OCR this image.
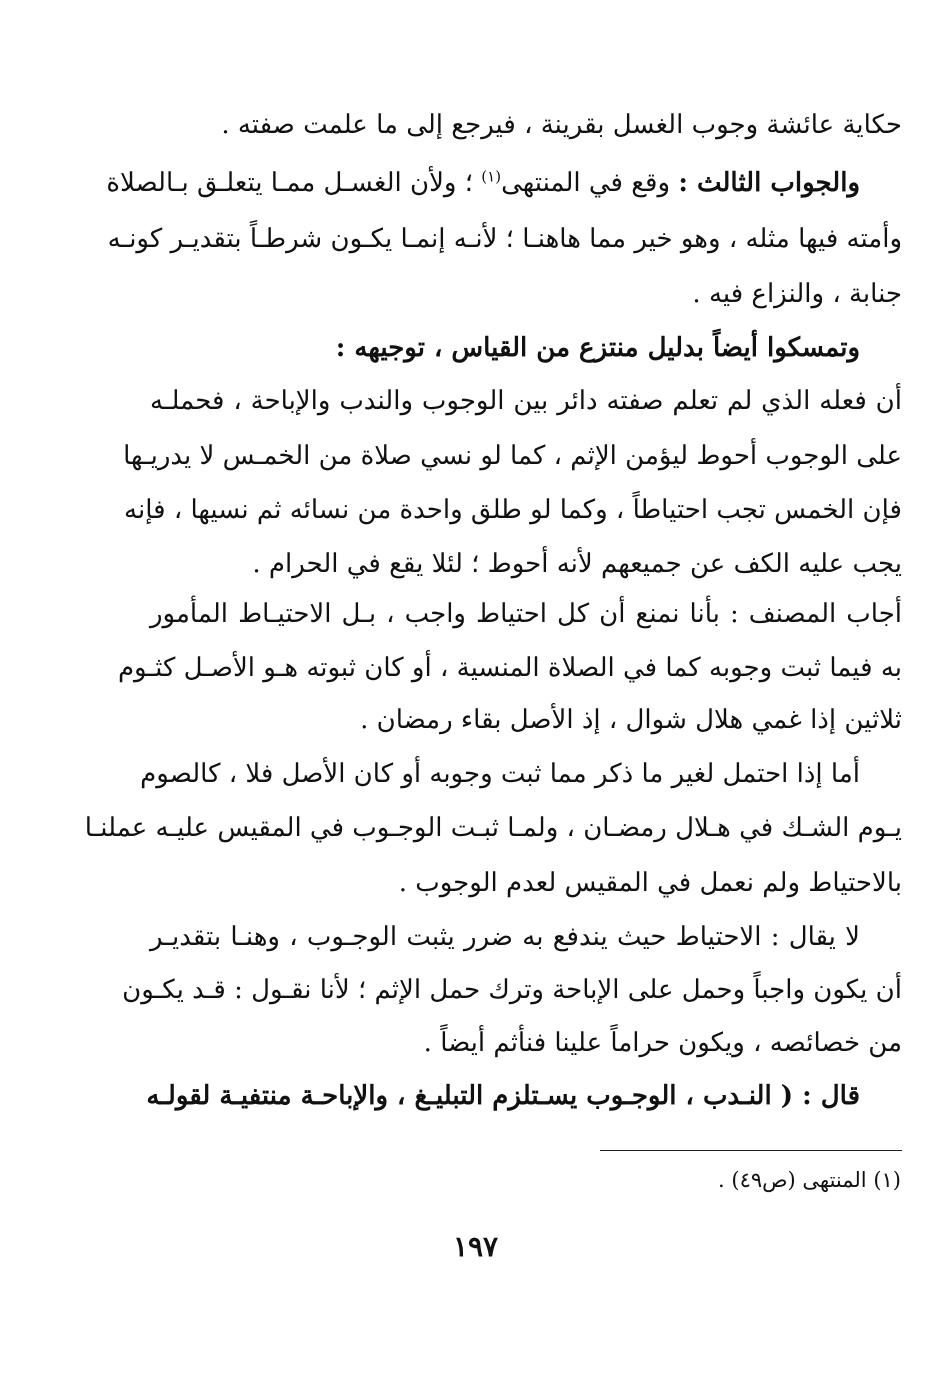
حكاية عائشة وجوب الغسل بقرينة ، فيرجع إلى ما علمت صفته .
والجواب الثالث : وقع في المنتهى$^{(١)}$ ؛ ولأن الغسـل ممـا يتعلـق بـالصلاة
وأمته فيها مثله ، وهو خير مما هاهنـا ؛ لأنـه إنمـا يكـون شرطـاً بتقديـر كونـه
جنابة ، والنزاع فيه .
وتمسكوا أيضاً بدليل منتزع من القياس ، توجيهه :
أن فعله الذي لم تعلم صفته دائر بين الوجوب والندب والإباحة ، فحملـه
على الوجوب أحوط ليؤمن الإثم ، كما لو نسي صلاة من الخمـس لا يدريـها
فإن الخمس تجب احتياطاً ، وكما لو طلق واحدة من نسائه ثم نسيها ، فإنه
يجب عليه الكف عن جميعهم لأنه أحوط ؛ لئلا يقع في الحرام .
أجاب المصنف : بأنا نمنع أن كل احتياط واجب ، بـل الاحتيـاط المأمور
به فيما ثبت وجوبه كما في الصلاة المنسية ، أو كان ثبوته هـو الأصـل كثـوم
ثلاثين إذا غمي هلال شوال ، إذ الأصل بقاء رمضان .
أما إذا احتمل لغير ما ذكر مما ثبت وجوبه أو كان الأصل فلا ، كالصوم
يـوم الشـك في هـلال رمضـان ، ولمـا ثبـت الوجـوب في المقيس عليـه عملنـا
بالاحتياط ولم نعمل في المقيس لعدم الوجوب .
لا يقال : الاحتياط حيث يندفع به ضرر يثبت الوجـوب ، وهنـا بتقديـر
أن يكون واجباً وحمل على الإباحة وترك حمل الإثم ؛ لأنا نقـول : قـد يكـون
من خصائصه ، ويكون حراماً علينا فنأثم أيضاً .
قال : ( النـدب ، الوجـوب يسـتلزم التبليـغ ، والإباحـة منتفيـة لقولـه
(١) المنتهى (ص٤٩) .
١٩٧
